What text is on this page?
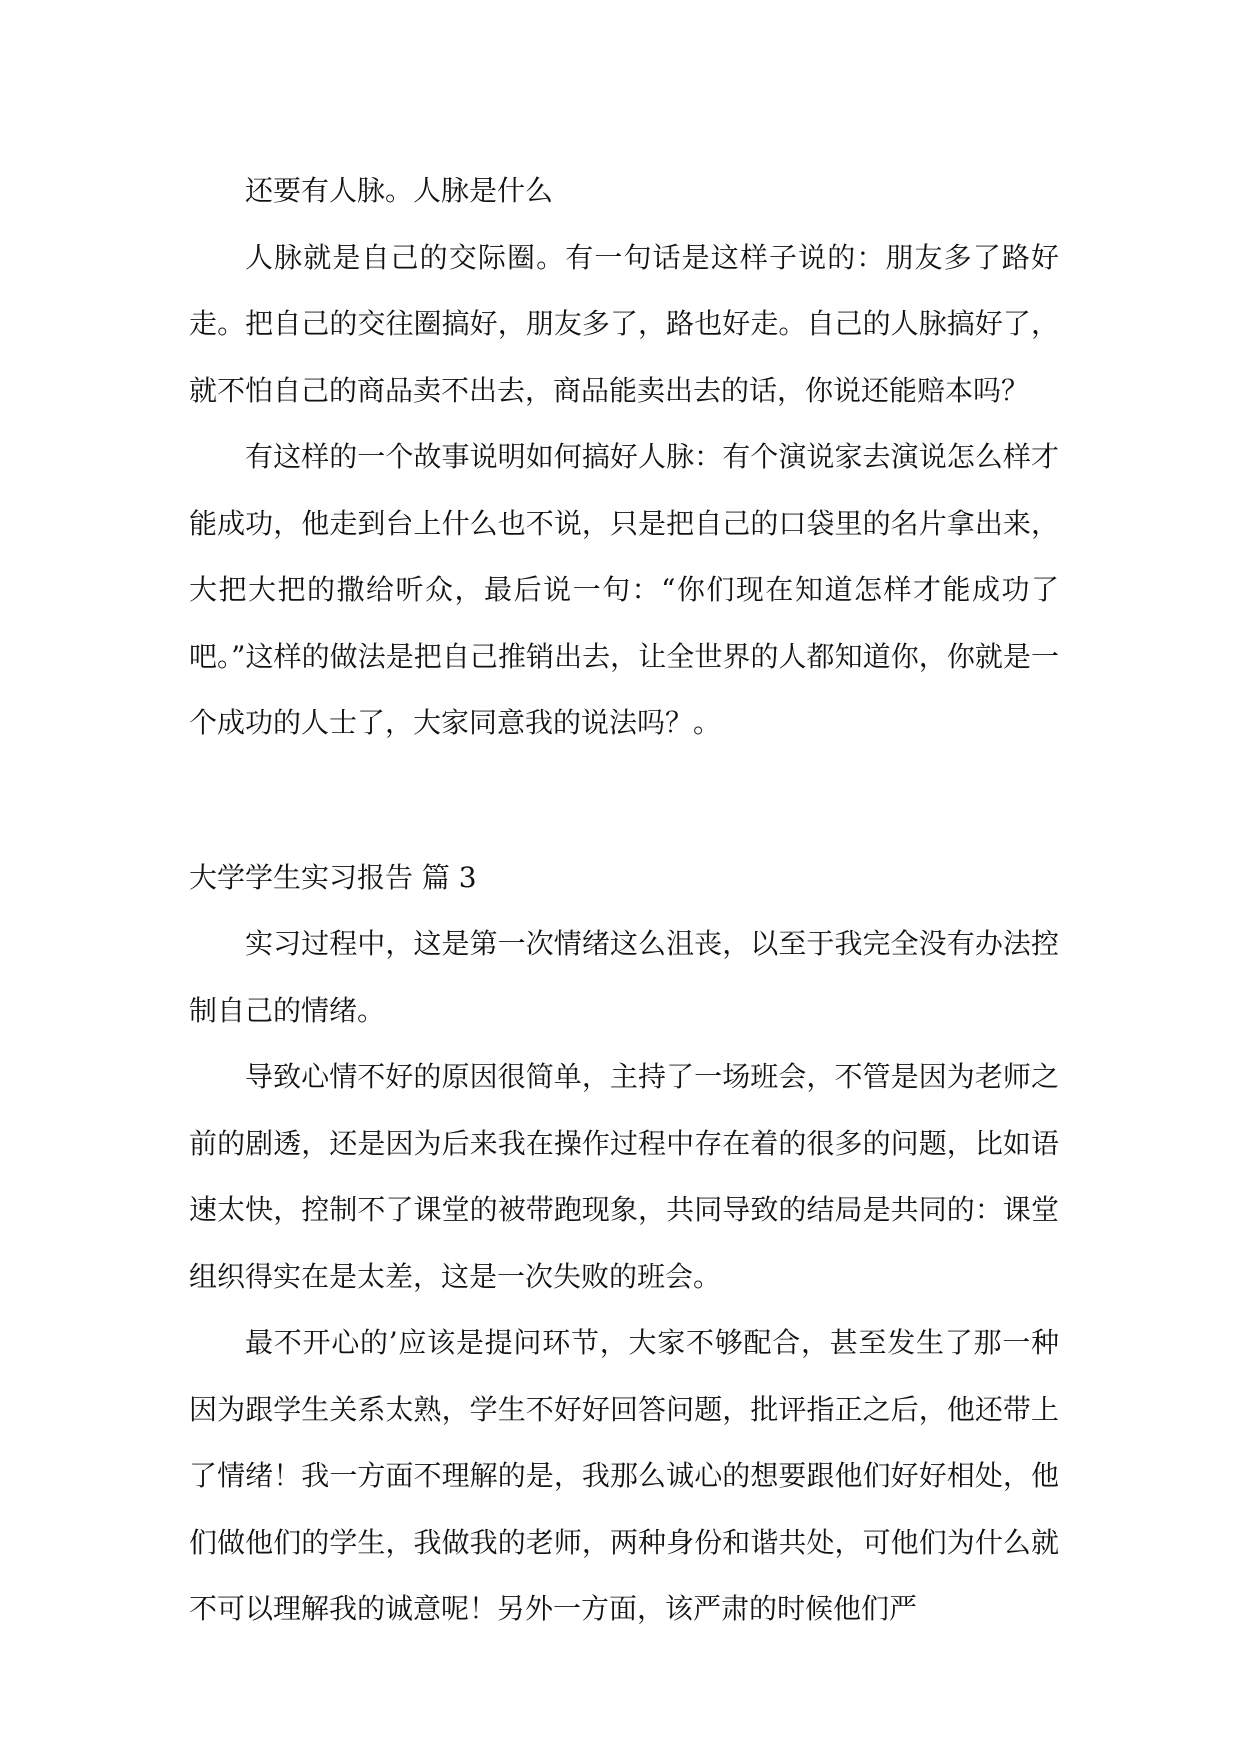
还要有人脉。人脉是什么

人脉就是自己的交际圈。有一句话是这样子说的：朋友多了路好走。把自己的交往圈搞好，朋友多了，路也好走。自己的人脉搞好了，就不怕自己的商品卖不出去，商品能卖出去的话，你说还能赔本吗？

有这样的一个故事说明如何搞好人脉：有个演说家去演说怎么样才能成功，他走到台上什么也不说，只是把自己的口袋里的名片拿出来，大把大把的撒给听众，最后说一句：“你们现在知道怎样才能成功了吧。”这样的做法是把自己推销出去，让全世界的人都知道你，你就是一个成功的人士了，大家同意我的说法吗？。

大学学生实习报告 篇 3

实习过程中，这是第一次情绪这么沮丧，以至于我完全没有办法控制自己的情绪。

导致心情不好的原因很简单，主持了一场班会，不管是因为老师之前的剧透，还是因为后来我在操作过程中存在着的很多的问题，比如语速太快，控制不了课堂的被带跑现象，共同导致的结局是共同的：课堂组织得实在是太差，这是一次失败的班会。

最不开心的’应该是提问环节，大家不够配合，甚至发生了那一种因为跟学生关系太熟，学生不好好回答问题，批评指正之后，他还带上了情绪！我一方面不理解的是，我那么诚心的想要跟他们好好相处，他们做他们的学生，我做我的老师，两种身份和谐共处，可他们为什么就不可以理解我的诚意呢！另外一方面，该严肃的时候他们严
